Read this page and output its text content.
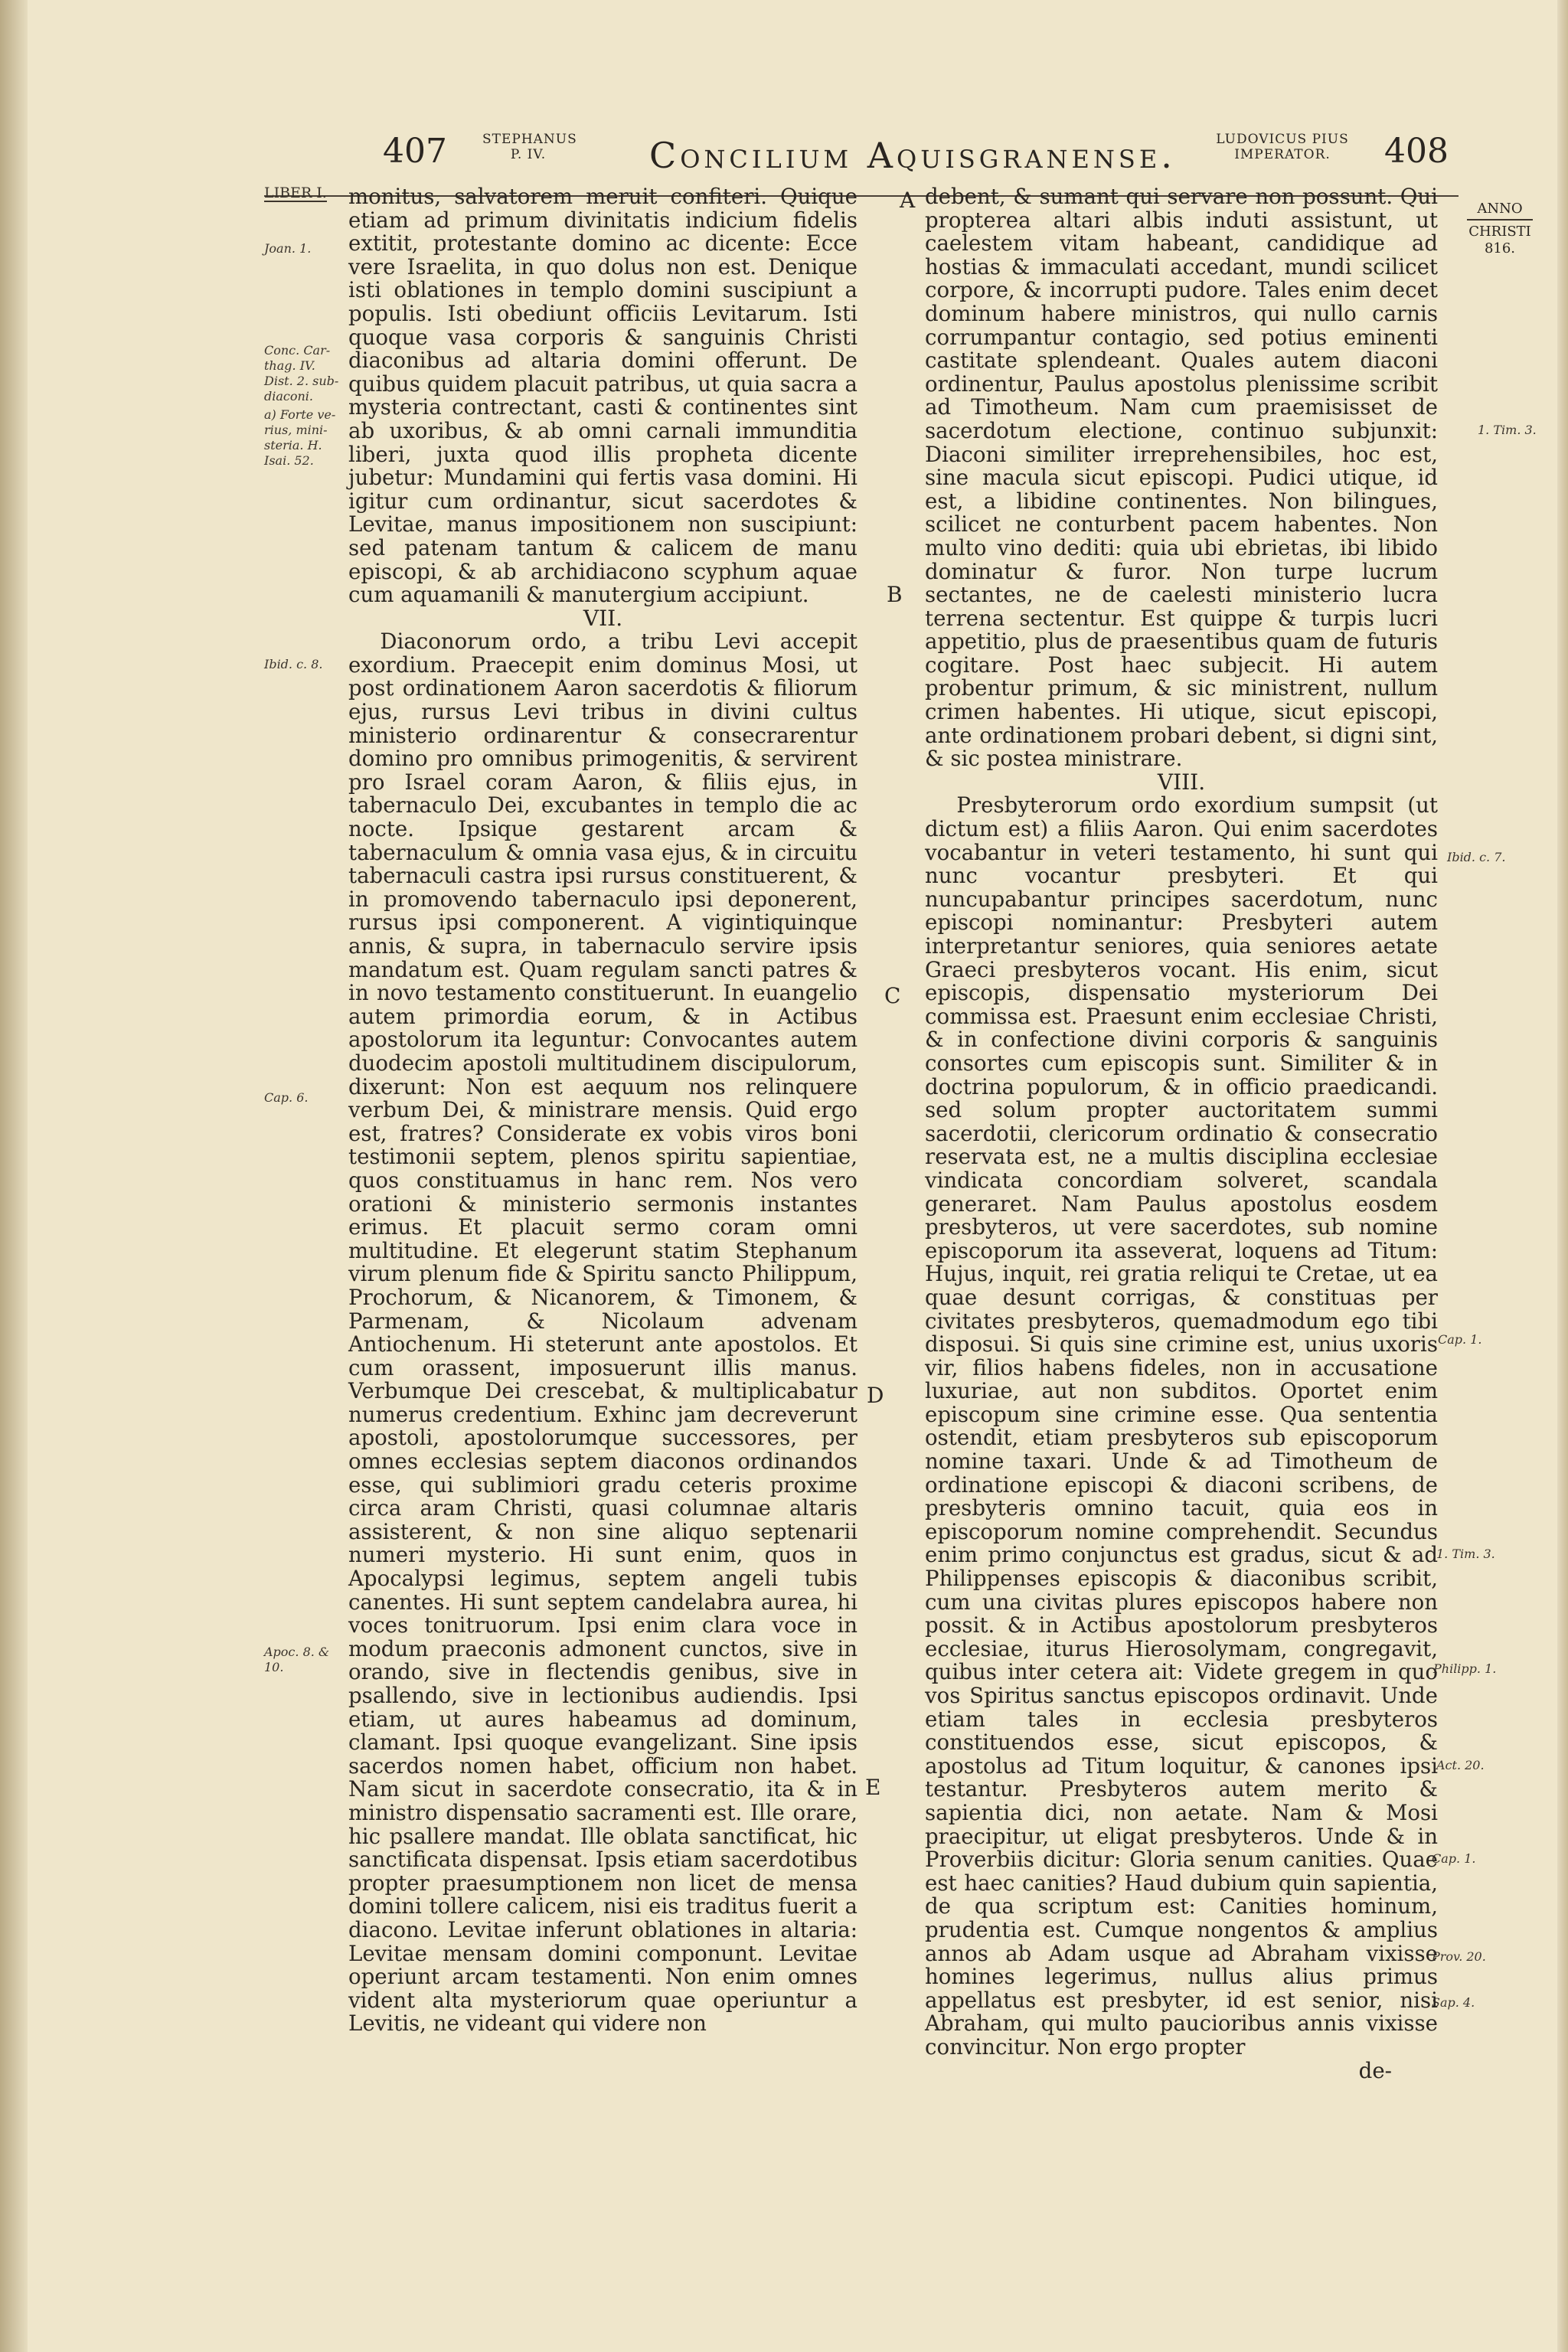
407	STEPHANUS
P. IV.	Concilium Aquisgranense.	LUDOVICUS PIUS
IMPERATOR.	408
LIBER I.
ANNO
CHRISTI
816.
Joan. 1.
Conc. Car-
thag. IV.
Dist. 2. sub-
diaconi.
a) Forte ve-
rius, mini-
steria. H.
Isai. 52.
Ibid. c. 8.
Cap. 6.
Apoc. 8. &
10.
A
B
C
D
E
1. Tim. 3.
Ibid. c. 7.
Cap. 1.
1. Tim. 3.
Philipp. 1.
Act. 20.
Cap. 1.
Prov. 20.
Sap. 4.

monitus, salvatorem meruit confiteri. Quique etiam ad primum divinitatis indicium fidelis extitit, protestante domino ac dicente: Ecce vere Israelita, in quo dolus non est. Denique isti oblationes in templo domini suscipiunt a populis. Isti obediunt officiis Levitarum. Isti quoque vasa corporis & sanguinis Christi diaconibus ad altaria domini offerunt. De quibus quidem placuit patribus, ut quia sacra a mysteria contrectant, casti & continentes sint ab uxoribus, & ab omni carnali immunditia liberi, juxta quod illis propheta dicente jubetur: Mundamini qui fertis vasa domini. Hi igitur cum ordinantur, sicut sacerdotes & Levitae, manus impositionem non suscipiunt: sed patenam tantum & calicem de manu episcopi, & ab archidiacono scyphum aquae cum aquamanili & manutergium accipiunt.

VII.

Diaconorum ordo, a tribu Levi accepit exordium. Praecepit enim dominus Mosi, ut post ordinationem Aaron sacerdotis & filiorum ejus, rursus Levi tribus in divini cultus ministerio ordinarentur & consecrarentur domino pro omnibus primogenitis, & servirent pro Israel coram Aaron, & filiis ejus, in tabernaculo Dei, excubantes in templo die ac nocte. Ipsique gestarent arcam & tabernaculum & omnia vasa ejus, & in circuitu tabernaculi castra ipsi rursus constituerent, & in promovendo tabernaculo ipsi deponerent, rursus ipsi componerent. A vigintiquinque annis, & supra, in tabernaculo servire ipsis mandatum est. Quam regulam sancti patres & in novo testamento constituerunt. In euangelio autem primordia eorum, & in Actibus apostolorum ita leguntur: Convocantes autem duodecim apostoli multitudinem discipulorum, dixerunt: Non est aequum nos relinquere verbum Dei, & ministrare mensis. Quid ergo est, fratres? Considerate ex vobis viros boni testimonii septem, plenos spiritu sapientiae, quos constituamus in hanc rem. Nos vero orationi & ministerio sermonis instantes erimus. Et placuit sermo coram omni multitudine. Et elegerunt statim Stephanum virum plenum fide & Spiritu sancto Philippum, Prochorum, & Nicanorem, & Timonem, & Parmenam, & Nicolaum advenam Antiochenum. Hi steterunt ante apostolos. Et cum orassent, imposuerunt illis manus. Verbumque Dei crescebat, & multiplicabatur numerus credentium. Exhinc jam decreverunt apostoli, apostolorumque successores, per omnes ecclesias septem diaconos ordinandos esse, qui sublimiori gradu ceteris proxime circa aram Christi, quasi columnae altaris assisterent, & non sine aliquo septenarii numeri mysterio. Hi sunt enim, quos in Apocalypsi legimus, septem angeli tubis canentes. Hi sunt septem candelabra aurea, hi voces tonitruorum. Ipsi enim clara voce in modum praeconis admonent cunctos, sive in orando, sive in flectendis genibus, sive in psallendo, sive in lectionibus audiendis. Ipsi etiam, ut aures habeamus ad dominum, clamant. Ipsi quoque evangelizant. Sine ipsis sacerdos nomen habet, officium non habet. Nam sicut in sacerdote consecratio, ita & in ministro dispensatio sacramenti est. Ille orare, hic psallere mandat. Ille oblata sanctificat, hic sanctificata dispensat. Ipsis etiam sacerdotibus propter praesumptionem non licet de mensa domini tollere calicem, nisi eis traditus fuerit a diacono. Levitae inferunt oblationes in altaria: Levitae mensam domini componunt. Levitae operiunt arcam testamenti. Non enim omnes vident alta mysteriorum quae operiuntur a Levitis, ne videant qui videre non

debent, & sumant qui servare non possunt. Qui propterea altari albis induti assistunt, ut caelestem vitam habeant, candidique ad hostias & immaculati accedant, mundi scilicet corpore, & incorrupti pudore. Tales enim decet dominum habere ministros, qui nullo carnis corrumpantur contagio, sed potius eminenti castitate splendeant. Quales autem diaconi ordinentur, Paulus apostolus plenissime scribit ad Timotheum. Nam cum praemisisset de sacerdotum electione, continuo subjunxit: Diaconi similiter irreprehensibiles, hoc est, sine macula sicut episcopi. Pudici utique, id est, a libidine continentes. Non bilingues, scilicet ne conturbent pacem habentes. Non multo vino dediti: quia ubi ebrietas, ibi libido dominatur & furor. Non turpe lucrum sectantes, ne de caelesti ministerio lucra terrena sectentur. Est quippe & turpis lucri appetitio, plus de praesentibus quam de futuris cogitare. Post haec subjecit. Hi autem probentur primum, & sic ministrent, nullum crimen habentes. Hi utique, sicut episcopi, ante ordinationem probari debent, si digni sint, & sic postea ministrare.

VIII.

Presbyterorum ordo exordium sumpsit (ut dictum est) a filiis Aaron. Qui enim sacerdotes vocabantur in veteri testamento, hi sunt qui nunc vocantur presbyteri. Et qui nuncupabantur principes sacerdotum, nunc episcopi nominantur: Presbyteri autem interpretantur seniores, quia seniores aetate Graeci presbyteros vocant. His enim, sicut episcopis, dispensatio mysteriorum Dei commissa est. Praesunt enim ecclesiae Christi, & in confectione divini corporis & sanguinis consortes cum episcopis sunt. Similiter & in doctrina populorum, & in officio praedicandi. sed solum propter auctoritatem summi sacerdotii, clericorum ordinatio & consecratio reservata est, ne a multis disciplina ecclesiae vindicata concordiam solveret, scandala generaret. Nam Paulus apostolus eosdem presbyteros, ut vere sacerdotes, sub nomine episcoporum ita asseverat, loquens ad Titum: Hujus, inquit, rei gratia reliqui te Cretae, ut ea quae desunt corrigas, & constituas per civitates presbyteros, quemadmodum ego tibi disposui. Si quis sine crimine est, unius uxoris vir, filios habens fideles, non in accusatione luxuriae, aut non subditos. Oportet enim episcopum sine crimine esse. Qua sententia ostendit, etiam presbyteros sub episcoporum nomine taxari. Unde & ad Timotheum de ordinatione episcopi & diaconi scribens, de presbyteris omnino tacuit, quia eos in episcoporum nomine comprehendit. Secundus enim primo conjunctus est gradus, sicut & ad Philippenses episcopis & diaconibus scribit, cum una civitas plures episcopos habere non possit. & in Actibus apostolorum presbyteros ecclesiae, iturus Hierosolymam, congregavit, quibus inter cetera ait: Videte gregem in quo vos Spiritus sanctus episcopos ordinavit. Unde etiam tales in ecclesia presbyteros constituendos esse, sicut episcopos, & apostolus ad Titum loquitur, & canones ipsi testantur. Presbyteros autem merito & sapientia dici, non aetate. Nam & Mosi praecipitur, ut eligat presbyteros. Unde & in Proverbiis dicitur: Gloria senum canities. Quae est haec canities? Haud dubium quin sapientia, de qua scriptum est: Canities hominum, prudentia est. Cumque nongentos & amplius annos ab Adam usque ad Abraham vixisse homines legerimus, nullus alius primus appellatus est presbyter, id est senior, nisi Abraham, qui multo paucioribus annis vixisse convincitur. Non ergo propter

de-
